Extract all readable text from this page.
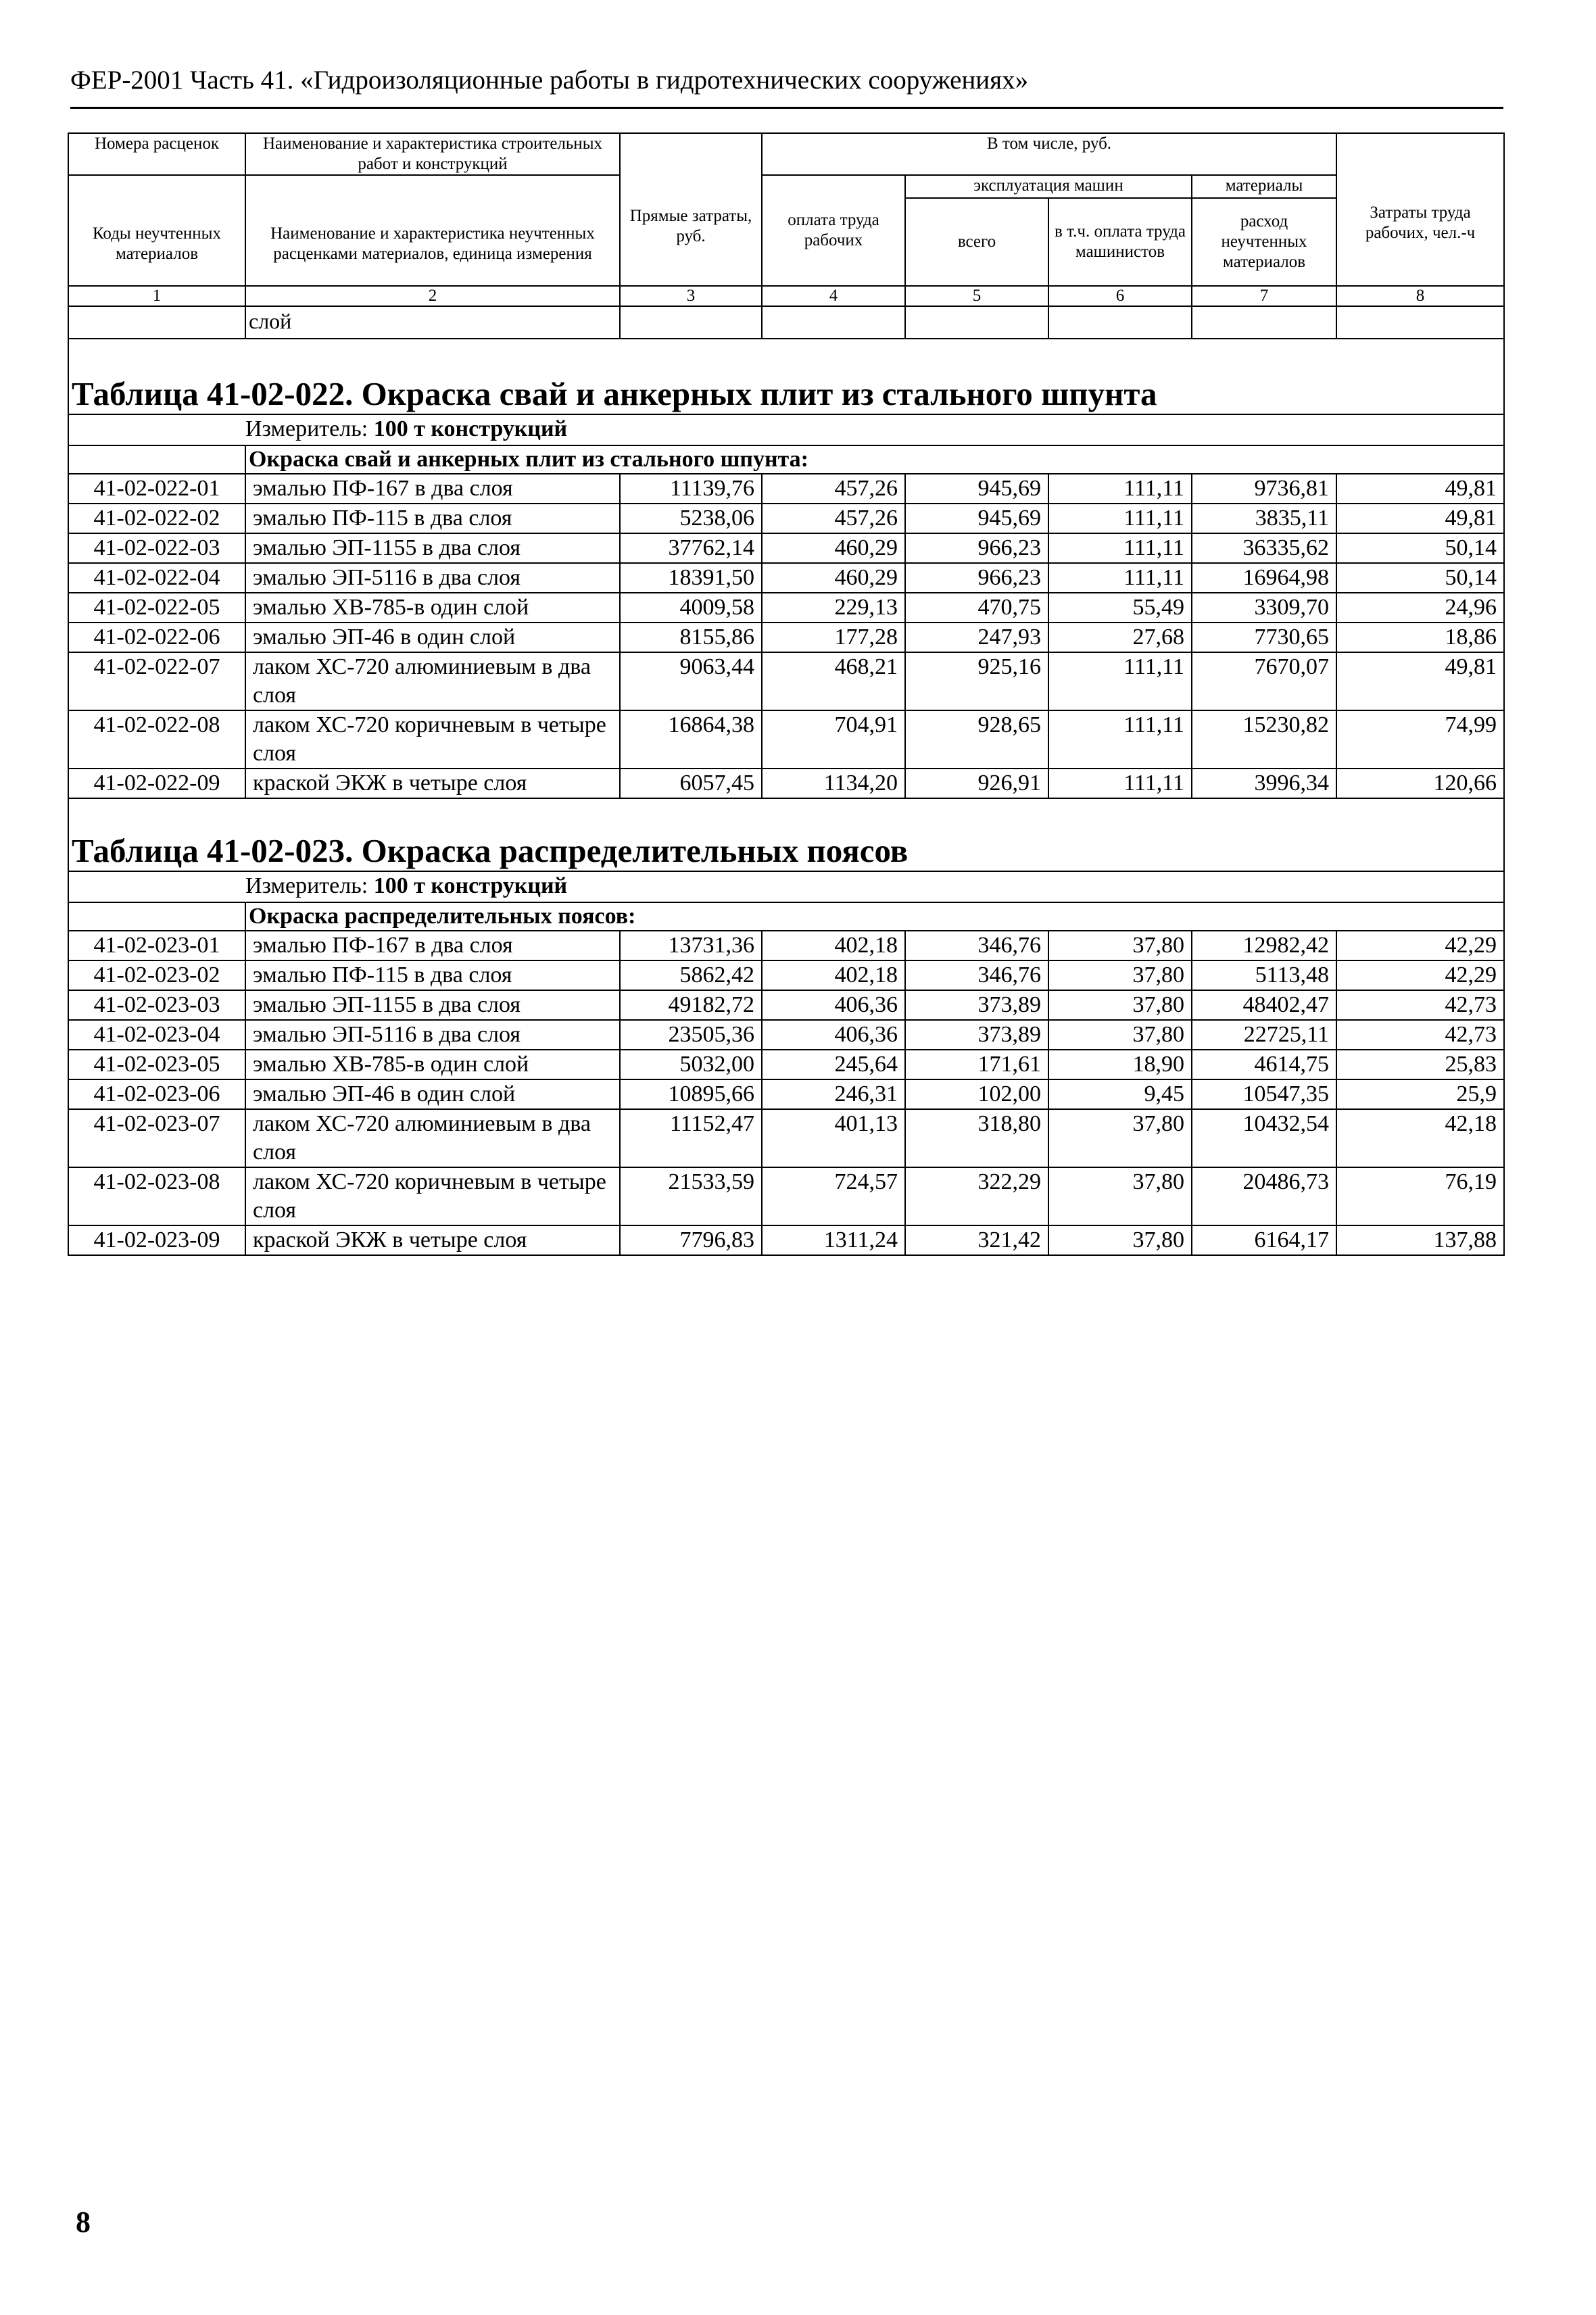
ФЕР-2001 Часть 41. «Гидроизоляционные работы в гидротехнических сооружениях»
Номера расценок	Наименование и характеристика строительных работ и конструкций	Прямые затраты, руб.	В том числе, руб.				Затраты труда рабочих, чел.-ч
Коды неучтенных материалов	Наименование и характеристика неучтенных расценками материалов, единица измерения		оплата труда рабочих	эксплуатация машин		материалы	
				всего	в т.ч. оплата труда машинистов	расход неучтенных материалов	

1	2	3	4	5	6	7	8
	слой						
Таблица 41-02-022. Окраска свай и анкерных плит из стального шпунта							
	Измеритель: 100 т конструкций						
	Окраска свай и анкерных плит из стального шпунта:						
41-02-022-01	эмалью ПФ-167 в два слоя	11139,76	457,26	945,69	111,11	9736,81	49,81
41-02-022-02	эмалью ПФ-115 в два слоя	5238,06	457,26	945,69	111,11	3835,11	49,81
41-02-022-03	эмалью ЭП-1155 в два слоя	37762,14	460,29	966,23	111,11	36335,62	50,14
41-02-022-04	эмалью ЭП-5116 в два слоя	18391,50	460,29	966,23	111,11	16964,98	50,14
41-02-022-05	эмалью ХВ-785-в один слой	4009,58	229,13	470,75	55,49	3309,70	24,96
41-02-022-06	эмалью ЭП-46 в один слой	8155,86	177,28	247,93	27,68	7730,65	18,86
41-02-022-07	лаком ХС-720 алюминиевым в два слоя	9063,44	468,21	925,16	111,11	7670,07	49,81
41-02-022-08	лаком ХС-720 коричневым в четыре слоя	16864,38	704,91	928,65	111,11	15230,82	74,99
41-02-022-09	краской ЭКЖ в четыре слоя	6057,45	1134,20	926,91	111,11	3996,34	120,66

Таблица 41-02-023. Окраска распределительных поясов							
	Измеритель: 100 т конструкций						
	Окраска распределительных поясов:						
41-02-023-01	эмалью ПФ-167 в два слоя	13731,36	402,18	346,76	37,80	12982,42	42,29
41-02-023-02	эмалью ПФ-115 в два слоя	5862,42	402,18	346,76	37,80	5113,48	42,29
41-02-023-03	эмалью ЭП-1155 в два слоя	49182,72	406,36	373,89	37,80	48402,47	42,73
41-02-023-04	эмалью ЭП-5116 в два слоя	23505,36	406,36	373,89	37,80	22725,11	42,73
41-02-023-05	эмалью ХВ-785-в один слой	5032,00	245,64	171,61	18,90	4614,75	25,83
41-02-023-06	эмалью ЭП-46 в один слой	10895,66	246,31	102,00	9,45	10547,35	25,9
41-02-023-07	лаком ХС-720 алюминиевым в два слоя	11152,47	401,13	318,80	37,80	10432,54	42,18
41-02-023-08	лаком ХС-720 коричневым в четыре слоя	21533,59	724,57	322,29	37,80	20486,73	76,19
41-02-023-09	краской ЭКЖ в четыре слоя	7796,83	1311,24	321,42	37,80	6164,17	137,88
8
